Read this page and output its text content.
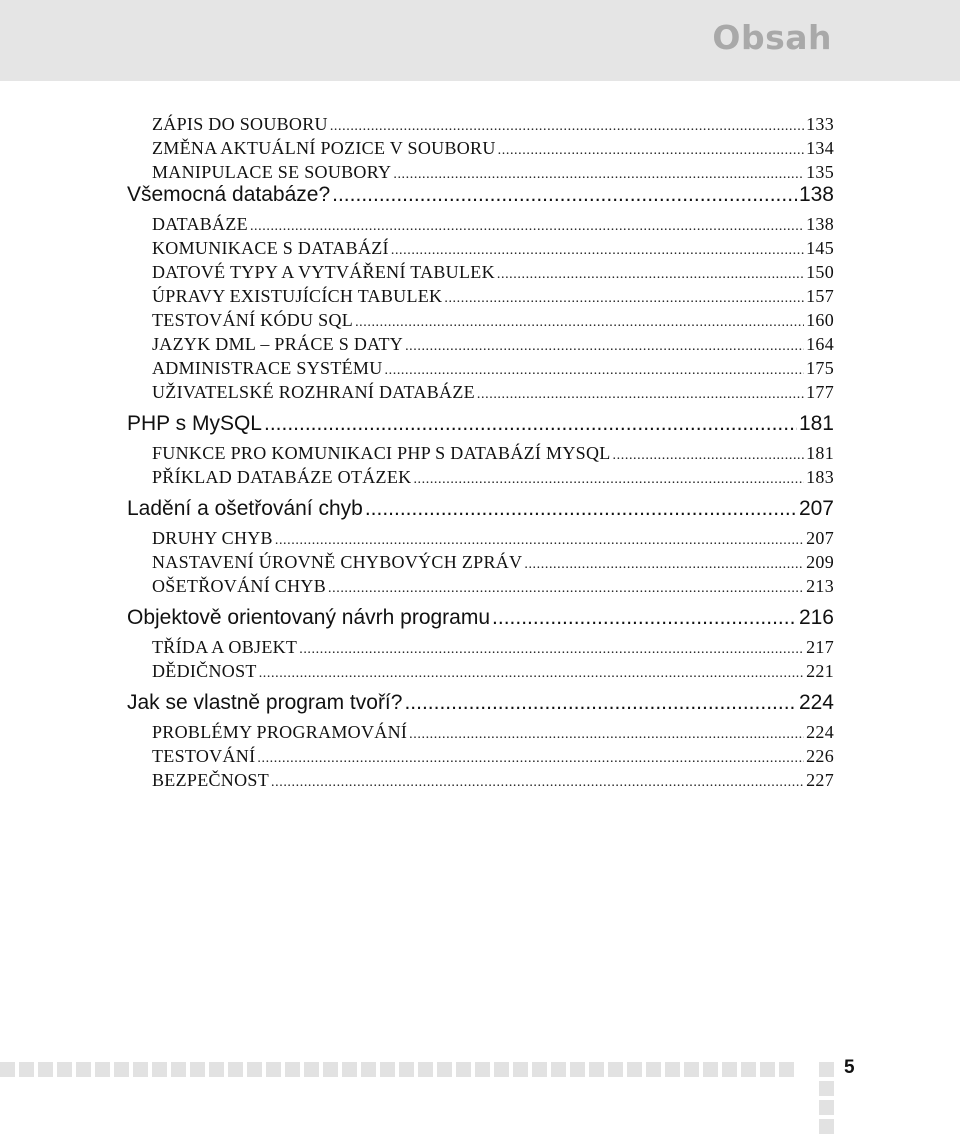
Obsah
ZÁPIS DO SOUBORU .....	133
ZMĚNA AKTUÁLNÍ POZICE V SOUBORU .....	134
MANIPULACE SE SOUBORY .....	135
Všemocná databáze? .....	138
DATABÁZE .....	138
KOMUNIKACE S DATABÁZÍ .....	145
DATOVÉ TYPY A VYTVÁŘENÍ TABULEK .....	150
ÚPRAVY EXISTUJÍCÍCH TABULEK .....	157
TESTOVÁNÍ KÓDU SQL .....	160
JAZYK DML – PRÁCE S DATY .....	164
ADMINISTRACE SYSTÉMU .....	175
UŽIVATELSKÉ ROZHRANÍ DATABÁZE .....	177
PHP s MySQL .....	181
FUNKCE PRO KOMUNIKACI PHP S DATABÁZÍ MYSQL .....	181
PŘÍKLAD DATABÁZE OTÁZEK .....	183
Ladění a ošetřování chyb .....	207
DRUHY CHYB .....	207
NASTAVENÍ ÚROVNĚ CHYBOVÝCH ZPRÁV .....	209
OŠETŘOVÁNÍ CHYB .....	213
Objektově orientovaný návrh programu .....	216
TŘÍDA A OBJEKT .....	217
DĚDIČNOST .....	221
Jak se vlastně program tvoří? .....	224
PROBLÉMY PROGRAMOVÁNÍ .....	224
TESTOVÁNÍ .....	226
BEZPEČNOST .....	227
5
